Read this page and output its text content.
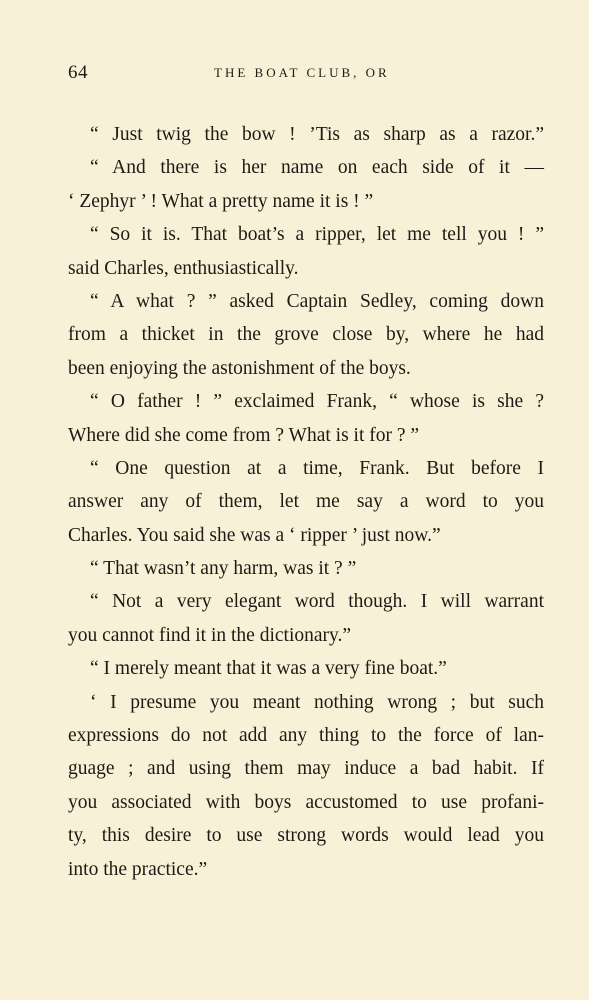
64	THE BOAT CLUB, OR
“ Just twig the bow ! ’Tis as sharp as a razor.”
“ And there is her name on each side of it —
‘ Zephyr ’ ! What a pretty name it is ! ”
“ So it is. That boat’s a ripper, let me tell you ! ”
said Charles, enthusiastically.
“ A what ? ” asked Captain Sedley, coming down
from a thicket in the grove close by, where he had
been enjoying the astonishment of the boys.
“ O father ! ” exclaimed Frank, “ whose is she ?
Where did she come from ? What is it for ? ”
“ One question at a time, Frank. But before I
answer any of them, let me say a word to you
Charles. You said she was a ‘ ripper ’ just now.”
“ That wasn’t any harm, was it ? ”
“ Not a very elegant word though. I will warrant
you cannot find it in the dictionary.”
“ I merely meant that it was a very fine boat.”
‘ I presume you meant nothing wrong ; but such
expressions do not add any thing to the force of lan-
guage ; and using them may induce a bad habit. If
you associated with boys accustomed to use profani-
ty, this desire to use strong words would lead you
into the practice.”
